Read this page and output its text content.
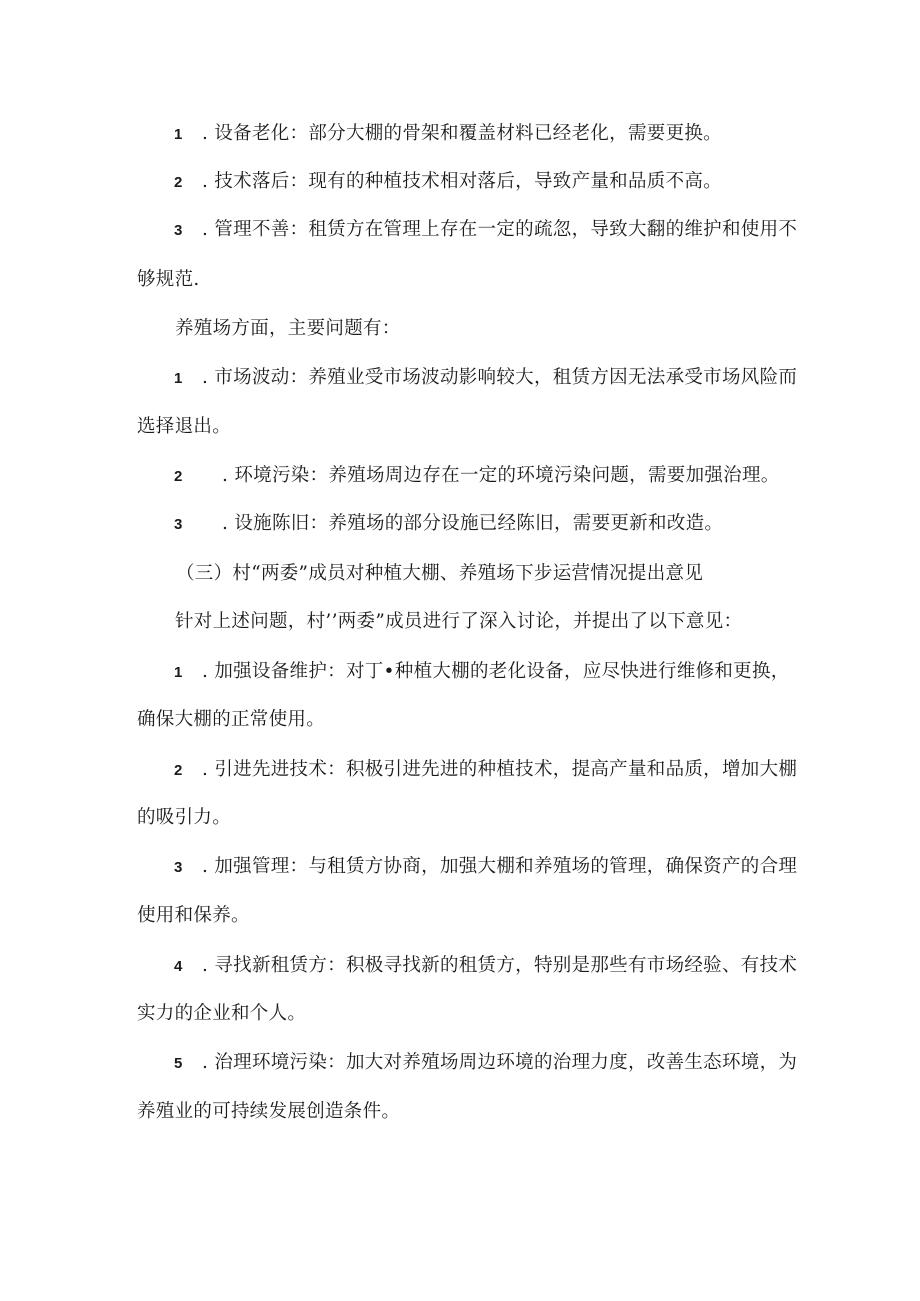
1 . 设备老化：部分大棚的骨架和覆盖材料已经老化，需要更换。
2 . 技术落后：现有的种植技术相对落后，导致产量和品质不高。
3 . 管理不善：租赁方在管理上存在一定的疏忽，导致大翻的维护和使用不
够规范.
养殖场方面，主要问题有：
1 . 市场波动：养殖业受市场波动影响较大，租赁方因无法承受市场风险而
选择退出。
2 . 环境污染：养殖场周边存在一定的环境污染问题，需要加强治理。
3 . 设施陈旧：养殖场的部分设施已经陈旧，需要更新和改造。
（三）村“两委”成员对种植大棚、养殖场下步运营情况提出意见
针对上述问题，村’’两委”成员进行了深入讨论，并提出了以下意见：
1 . 加强设备维护：对丁•种植大棚的老化设备，应尽快进行维修和更换，
确保大棚的正常使用。
2 . 引进先进技术：积极引进先进的种植技术，提高产量和品质，增加大棚
的吸引力。
3 . 加强管理：与租赁方协商，加强大棚和养殖场的管理，确保资产的合理
使用和保养。
4 . 寻找新租赁方：积极寻找新的租赁方，特别是那些有市场经验、有技术
实力的企业和个人。
5 . 治理环境污染：加大对养殖场周边环境的治理力度，改善生态环境，为
养殖业的可持续发展创造条件。
